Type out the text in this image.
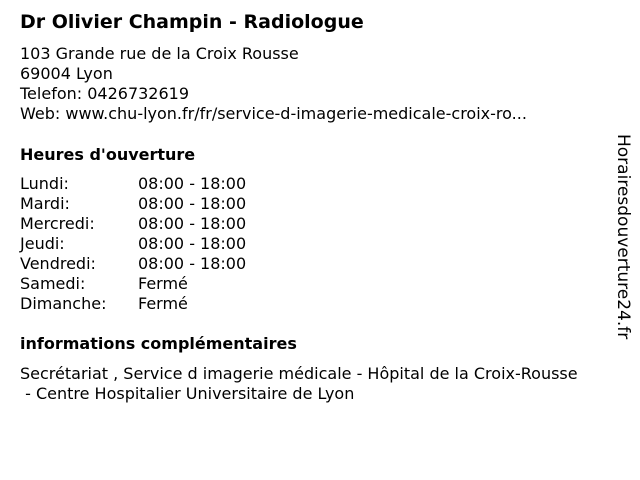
Dr Olivier Champin - Radiologue
103 Grande rue de la Croix Rousse
69004 Lyon
Telefon: 0426732619
Web: www.chu-lyon.fr/fr/service-d-imagerie-medicale-croix-ro...
Heures d'ouverture
Lundi:	08:00 - 18:00
Mardi:	08:00 - 18:00
Mercredi:	08:00 - 18:00
Jeudi:	08:00 - 18:00
Vendredi:	08:00 - 18:00
Samedi:	Fermé
Dimanche: Fermé
informations complémentaires
Secrétariat , Service d imagerie médicale - Hôpital de la Croix-Rousse
- Centre Hospitalier Universitaire de Lyon
Horairesdouverture24.fr
